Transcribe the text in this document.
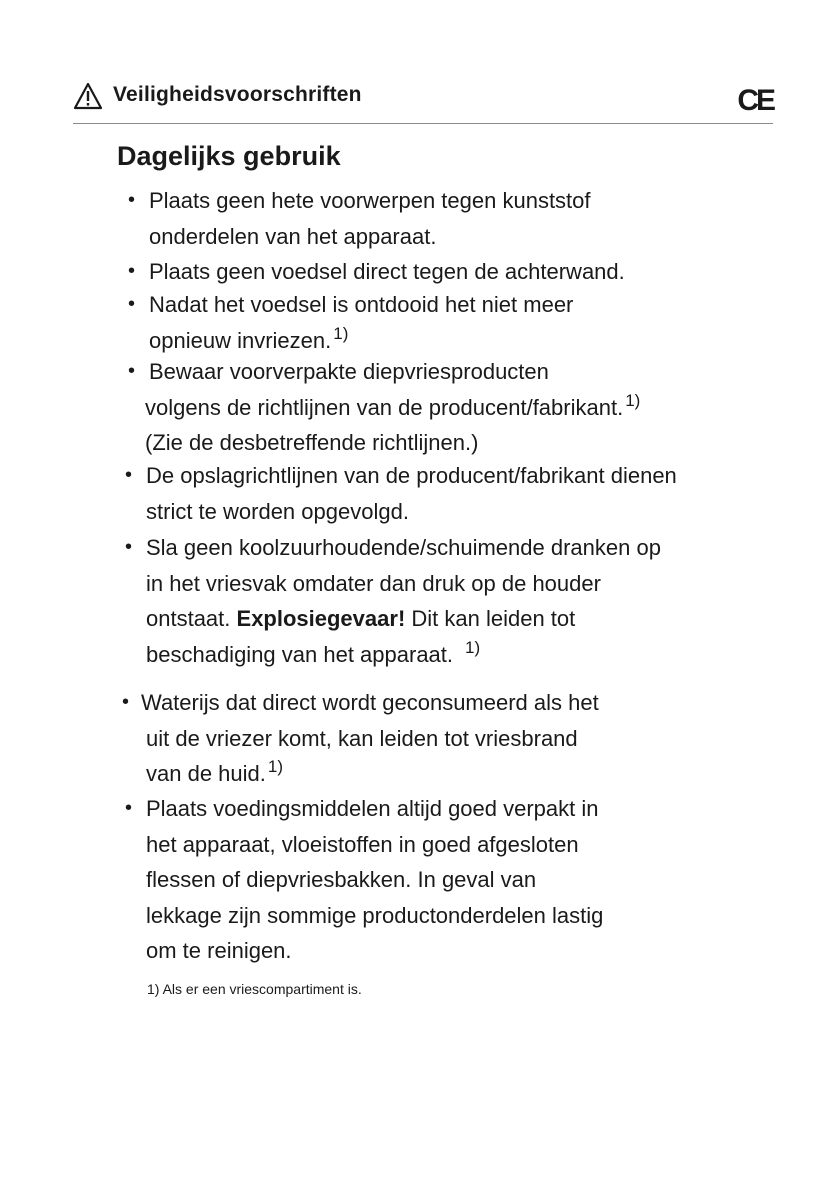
Veiligheidsvoorschriften	CE
Dagelijks gebruik
• Plaats geen hete voorwerpen tegen kunststof
onderdelen van het apparaat.
• Plaats geen voedsel direct tegen de achterwand.
• Nadat het voedsel is ontdooid het niet meer
opnieuw invriezen. $^{1)}$
• Bewaar voorverpakte diepvriesproducten
volgens de richtlijnen van de producent/fabrikant. $^{1)}$
(Zie de desbetreffende richtlijnen.)
• De opslagrichtlijnen van de producent/fabrikant dienen
strict te worden opgevolgd.
• Sla geen koolzuurhoudende/schuimende dranken op
in het vriesvak omdater dan druk op de houder
ontstaat. Explosiegevaar! Dit kan leiden tot
beschadiging van het apparaat. $^{1)}$
• Waterijs dat direct wordt geconsumeerd als het
uit de vriezer komt, kan leiden tot vriesbrand
van de huid. $^{1)}$
• Plaats voedingsmiddelen altijd goed verpakt in
het apparaat, vloeistoffen in goed afgesloten
flessen of diepvriesbakken. In geval van
lekkage zijn sommige productonderdelen lastig
om te reinigen.
1) Als er een vriescompartiment is.
